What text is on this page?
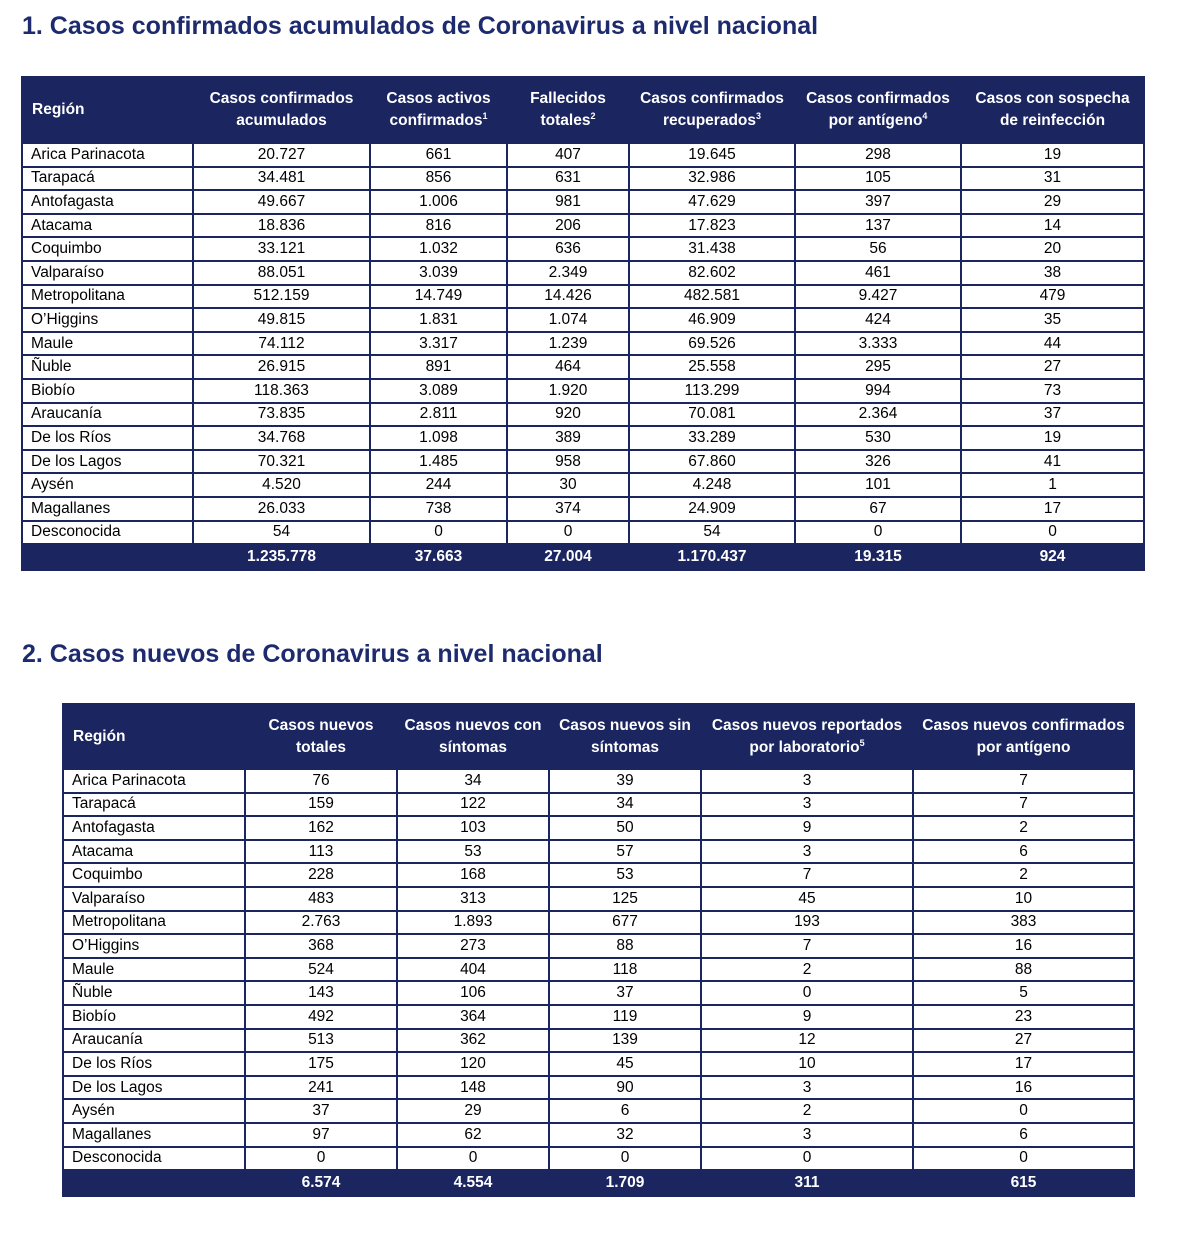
1. Casos confirmados acumulados de Coronavirus a nivel nacional
Región	Casos confirmados acumulados	Casos activos confirmados$^1$	Fallecidos totales$^2$	Casos confirmados recuperados$^3$	Casos confirmados por antígeno$^4$	Casos con sospecha de reinfección
Arica Parinacota	20.727	661	407	19.645	298	19
Tarapacá	34.481	856	631	32.986	105	31
Antofagasta	49.667	1.006	981	47.629	397	29
Atacama	18.836	816	206	17.823	137	14
Coquimbo	33.121	1.032	636	31.438	56	20
Valparaíso	88.051	3.039	2.349	82.602	461	38
Metropolitana	512.159	14.749	14.426	482.581	9.427	479
O’Higgins	49.815	1.831	1.074	46.909	424	35
Maule	74.112	3.317	1.239	69.526	3.333	44
Ñuble	26.915	891	464	25.558	295	27
Biobío	118.363	3.089	1.920	113.299	994	73
Araucanía	73.835	2.811	920	70.081	2.364	37
De los Ríos	34.768	1.098	389	33.289	530	19
De los Lagos	70.321	1.485	958	67.860	326	41
Aysén	4.520	244	30	4.248	101	1
Magallanes	26.033	738	374	24.909	67	17
Desconocida	54	0	0	54	0	0
	1.235.778	37.663	27.004	1.170.437	19.315	924
2. Casos nuevos de Coronavirus a nivel nacional
Región	Casos nuevos totales	Casos nuevos con síntomas	Casos nuevos sin síntomas	Casos nuevos reportados por laboratorio$^5$	Casos nuevos confirmados por antígeno
Arica Parinacota	76	34	39	3	7
Tarapacá	159	122	34	3	7
Antofagasta	162	103	50	9	2
Atacama	113	53	57	3	6
Coquimbo	228	168	53	7	2
Valparaíso	483	313	125	45	10
Metropolitana	2.763	1.893	677	193	383
O’Higgins	368	273	88	7	16
Maule	524	404	118	2	88
Ñuble	143	106	37	0	5
Biobío	492	364	119	9	23
Araucanía	513	362	139	12	27
De los Ríos	175	120	45	10	17
De los Lagos	241	148	90	3	16
Aysén	37	29	6	2	0
Magallanes	97	62	32	3	6
Desconocida	0	0	0	0	0
	6.574	4.554	1.709	311	615
